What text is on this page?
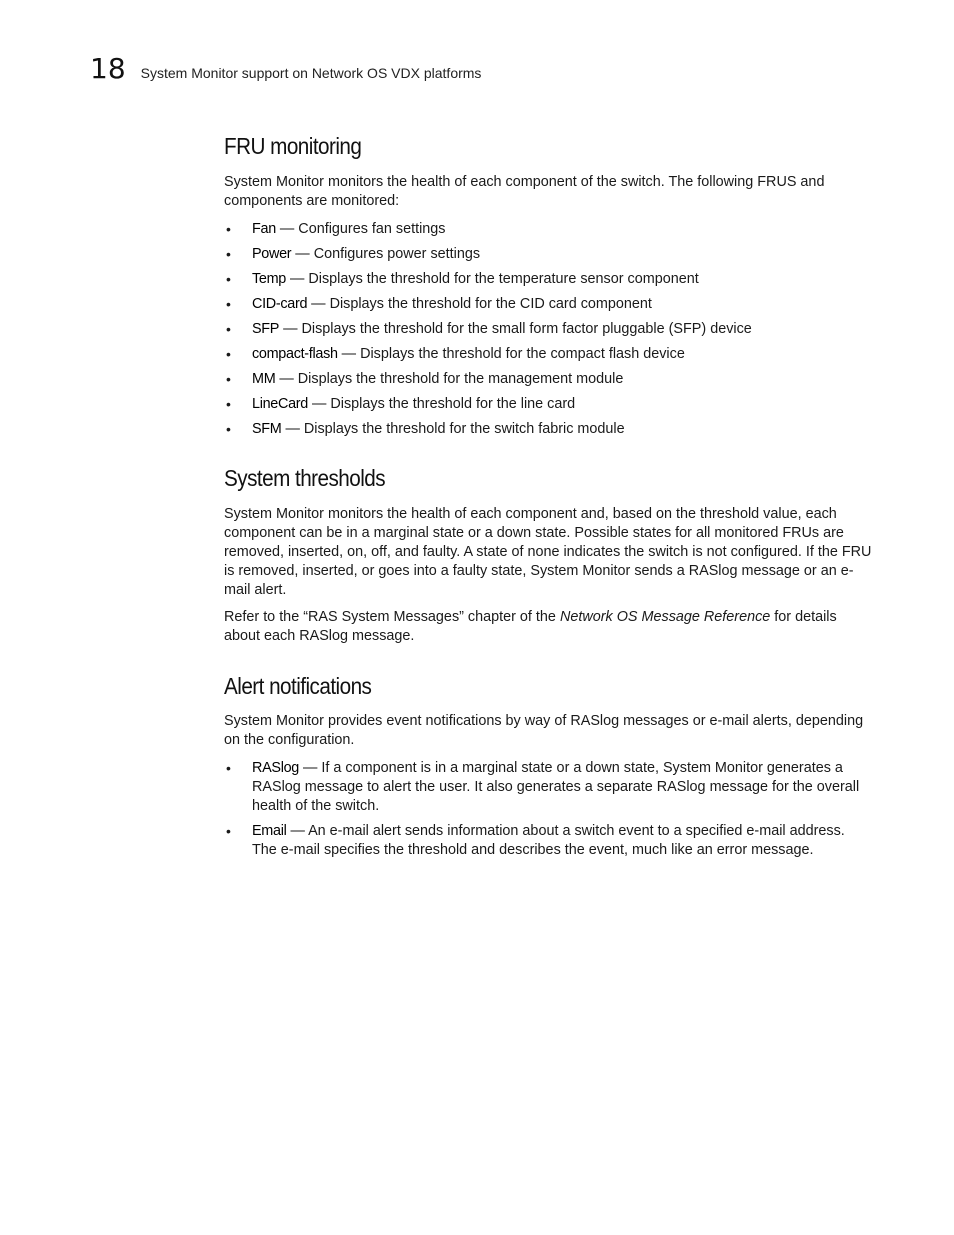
18 System Monitor support on Network OS VDX platforms
FRU monitoring

System Monitor monitors the health of each component of the switch. The following FRUS and components are monitored:

• Fan — Configures fan settings
• Power — Configures power settings
• Temp — Displays the threshold for the temperature sensor component
• CID-card — Displays the threshold for the CID card component
• SFP — Displays the threshold for the small form factor pluggable (SFP) device
• compact-flash — Displays the threshold for the compact flash device
• MM — Displays the threshold for the management module
• LineCard — Displays the threshold for the line card
• SFM — Displays the threshold for the switch fabric module
System thresholds

System Monitor monitors the health of each component and, based on the threshold value, each component can be in a marginal state or a down state. Possible states for all monitored FRUs are removed, inserted, on, off, and faulty. A state of none indicates the switch is not configured. If the FRU is removed, inserted, or goes into a faulty state, System Monitor sends a RASlog message or an e-mail alert.

Refer to the “RAS System Messages” chapter of the Network OS Message Reference for details about each RASlog message.

Alert notifications

System Monitor provides event notifications by way of RASlog messages or e-mail alerts, depending on the configuration.

• RASlog — If a component is in a marginal state or a down state, System Monitor generates a RASlog message to alert the user. It also generates a separate RASlog message for the overall health of the switch.
• Email — An e-mail alert sends information about a switch event to a specified e-mail address. The e-mail specifies the threshold and describes the event, much like an error message.
